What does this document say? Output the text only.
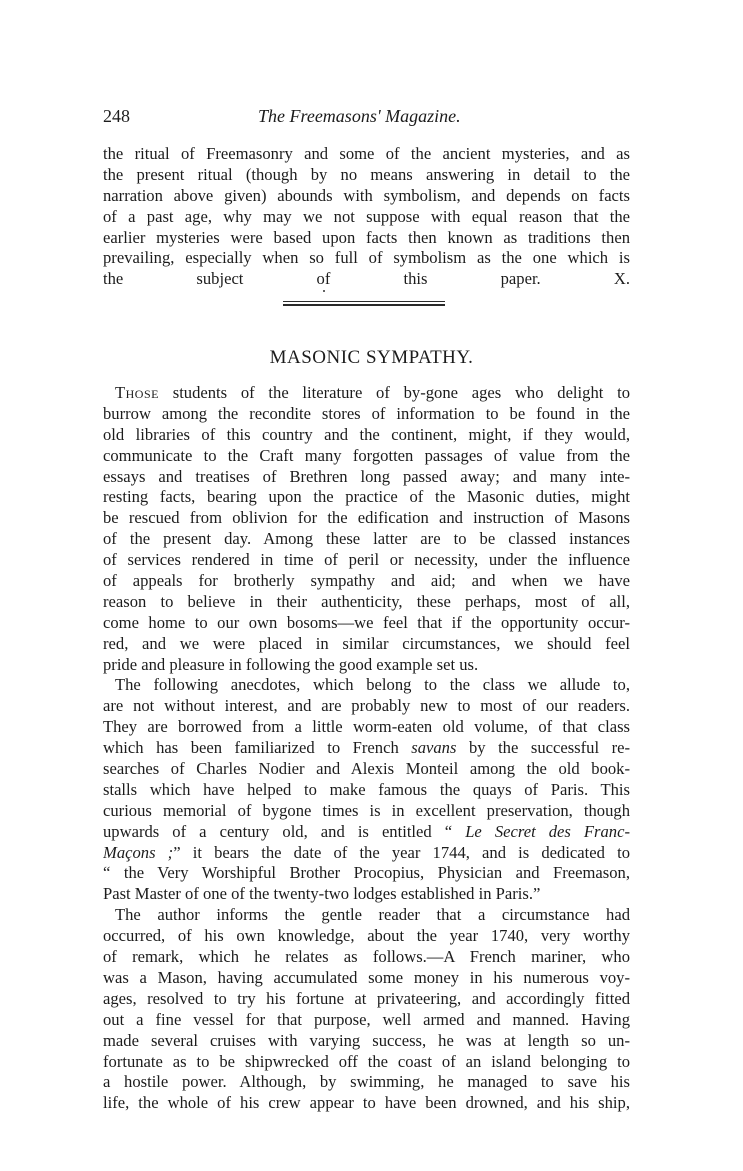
248	The Freemasons' Magazine.
the ritual of Freemasonry and some of the ancient mysteries, and as
the present ritual (though by no means answering in detail to the
narration above given) abounds with symbolism, and depends on facts
of a past age, why may we not suppose with equal reason that the
earlier mysteries were based upon facts then known as traditions then
prevailing, especially when so full of symbolism as the one which is
the subject of this paper.	X.
MASONIC SYMPATHY.
Those students of the literature of by-gone ages who delight to
burrow among the recondite stores of information to be found in the
old libraries of this country and the continent, might, if they would,
communicate to the Craft many forgotten passages of value from the
essays and treatises of Brethren long passed away; and many inte-
resting facts, bearing upon the practice of the Masonic duties, might
be rescued from oblivion for the edification and instruction of Masons
of the present day. Among these latter are to be classed instances
of services rendered in time of peril or necessity, under the influence
of appeals for brotherly sympathy and aid; and when we have
reason to believe in their authenticity, these perhaps, most of all,
come home to our own bosoms—we feel that if the opportunity occur-
red, and we were placed in similar circumstances, we should feel
pride and pleasure in following the good example set us.
The following anecdotes, which belong to the class we allude to,
are not without interest, and are probably new to most of our readers.
They are borrowed from a little worm-eaten old volume, of that class
which has been familiarized to French savans by the successful re-
searches of Charles Nodier and Alexis Monteil among the old book-
stalls which have helped to make famous the quays of Paris. This
curious memorial of bygone times is in excellent preservation, though
upwards of a century old, and is entitled “ Le Secret des Franc-
Maçons ;” it bears the date of the year 1744, and is dedicated to
“ the Very Worshipful Brother Procopius, Physician and Freemason,
Past Master of one of the twenty-two lodges established in Paris.”
The author informs the gentle reader that a circumstance had
occurred, of his own knowledge, about the year 1740, very worthy
of remark, which he relates as follows.—A French mariner, who
was a Mason, having accumulated some money in his numerous voy-
ages, resolved to try his fortune at privateering, and accordingly fitted
out a fine vessel for that purpose, well armed and manned. Having
made several cruises with varying success, he was at length so un-
fortunate as to be shipwrecked off the coast of an island belonging to
a hostile power. Although, by swimming, he managed to save his
life, the whole of his crew appear to have been drowned, and his ship,
